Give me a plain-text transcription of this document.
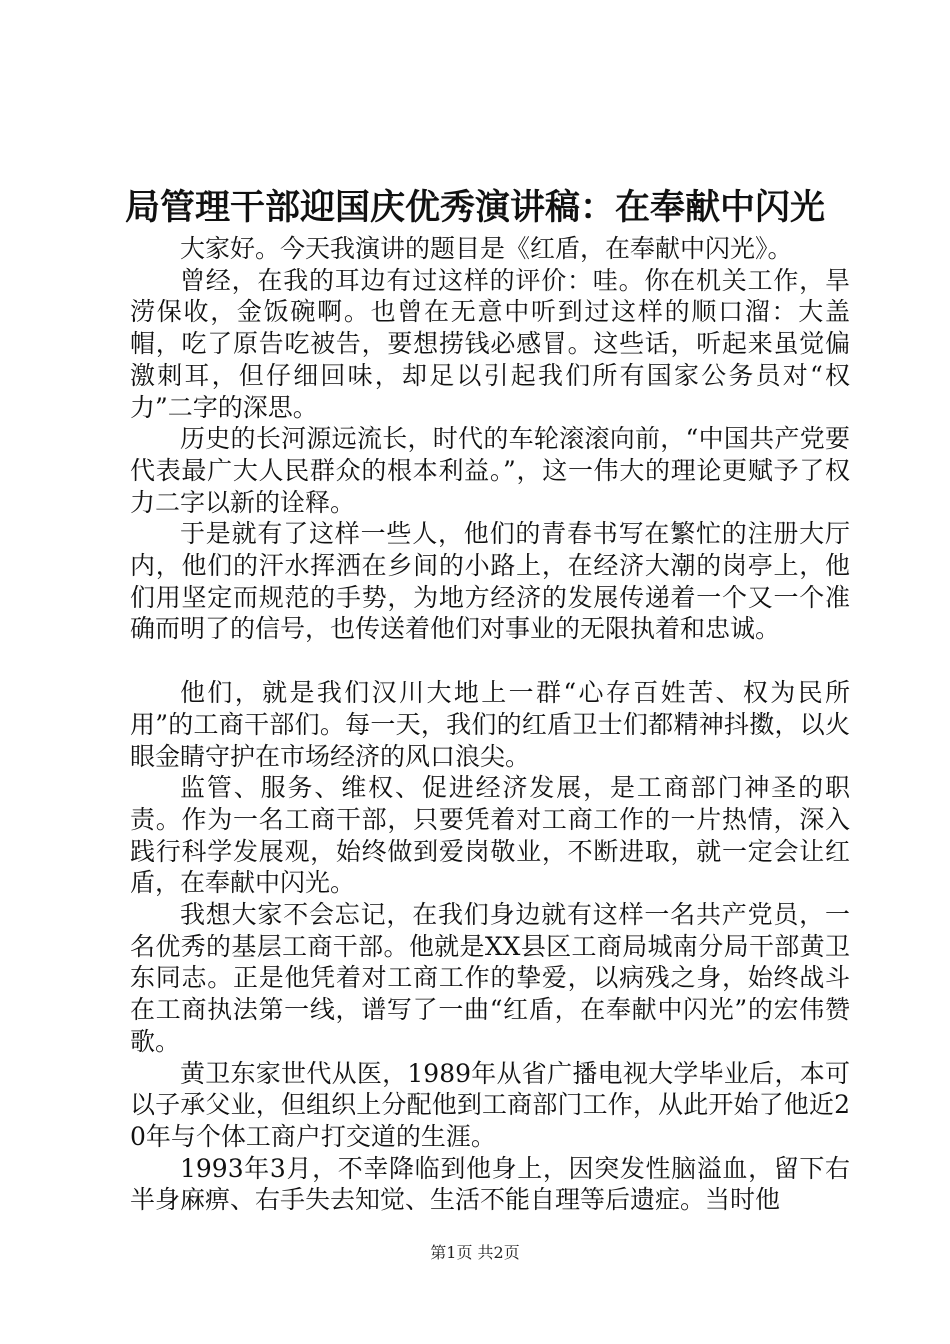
局管理干部迎国庆优秀演讲稿：在奉献中闪光

大家好。今天我演讲的题目是《红盾，在奉献中闪光》。

曾经，在我的耳边有过这样的评价：哇。你在机关工作，旱涝保收，金饭碗啊。也曾在无意中听到过这样的顺口溜：大盖帽，吃了原告吃被告，要想捞钱必感冒。这些话，听起来虽觉偏激刺耳，但仔细回味，却足以引起我们所有国家公务员对“权力”二字的深思。

历史的长河源远流长，时代的车轮滚滚向前，“中国共产党要代表最广大人民群众的根本利益。”，这一伟大的理论更赋予了权力二字以新的诠释。

于是就有了这样一些人，他们的青春书写在繁忙的注册大厅内，他们的汗水挥洒在乡间的小路上，在经济大潮的岗亭上，他们用坚定而规范的手势，为地方经济的发展传递着一个又一个准确而明了的信号，也传送着他们对事业的无限执着和忠诚。

他们，就是我们汉川大地上一群“心存百姓苦、权为民所用”的工商干部们。每一天，我们的红盾卫士们都精神抖擞，以火眼金睛守护在市场经济的风口浪尖。

监管、服务、维权、促进经济发展，是工商部门神圣的职责。作为一名工商干部，只要凭着对工商工作的一片热情，深入践行科学发展观，始终做到爱岗敬业，不断进取，就一定会让红盾，在奉献中闪光。

我想大家不会忘记，在我们身边就有这样一名共产党员，一名优秀的基层工商干部。他就是XX县区工商局城南分局干部黄卫东同志。正是他凭着对工商工作的挚爱，以病残之身，始终战斗在工商执法第一线，谱写了一曲“红盾，在奉献中闪光”的宏伟赞歌。

黄卫东家世代从医，1989年从省广播电视大学毕业后，本可以子承父业，但组织上分配他到工商部门工作，从此开始了他近20年与个体工商户打交道的生涯。

1993年3月，不幸降临到他身上，因突发性脑溢血，留下右半身麻痹、右手失去知觉、生活不能自理等后遗症。当时他

第1页 共2页
